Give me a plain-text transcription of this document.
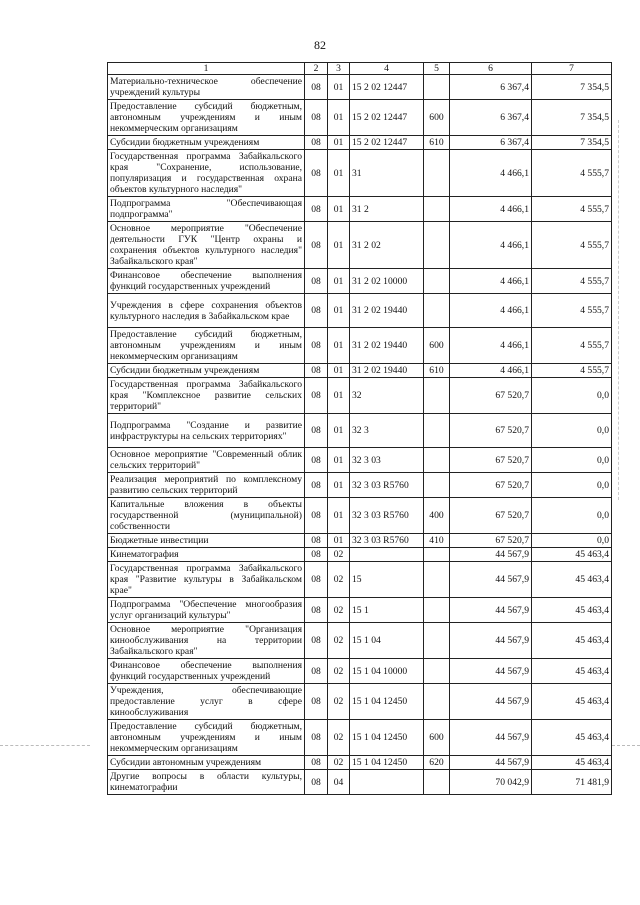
82
1	2	3	4	5	6	7
Материально-техническое обеспечение учреждений культуры	08	01	15 2 02 12447		6 367,4	7 354,5
Предоставление субсидий бюджетным, автономным учреждениям и иным некоммерческим организациям	08	01	15 2 02 12447	600	6 367,4	7 354,5
Субсидии бюджетным учреждениям	08	01	15 2 02 12447	610	6 367,4	7 354,5
Государственная программа Забайкальского края "Сохранение, использование, популяризация и государственная охрана объектов культурного наследия"	08	01	31		4 466,1	4 555,7
Подпрограмма "Обеспечивающая подпрограмма"	08	01	31 2		4 466,1	4 555,7
Основное мероприятие "Обеспечение деятельности ГУК "Центр охраны и сохранения объектов культурного наследия" Забайкальского края"	08	01	31 2 02		4 466,1	4 555,7
Финансовое обеспечение выполнения функций государственных учреждений	08	01	31 2 02 10000		4 466,1	4 555,7
Учреждения в сфере сохранения объектов культурного наследия в Забайкальском крае	08	01	31 2 02 19440		4 466,1	4 555,7
Предоставление субсидий бюджетным, автономным учреждениям и иным некоммерческим организациям	08	01	31 2 02 19440	600	4 466,1	4 555,7
Субсидии бюджетным учреждениям	08	01	31 2 02 19440	610	4 466,1	4 555,7
Государственная программа Забайкальского края "Комплексное развитие сельских территорий"	08	01	32		67 520,7	0,0
Подпрограмма "Создание и развитие инфраструктуры на сельских территориях"	08	01	32 3		67 520,7	0,0
Основное мероприятие "Современный облик сельских территорий"	08	01	32 3 03		67 520,7	0,0
Реализация мероприятий по комплексному развитию сельских территорий	08	01	32 3 03 R5760		67 520,7	0,0
Капитальные вложения в объекты государственной (муниципальной) собственности	08	01	32 3 03 R5760	400	67 520,7	0,0
Бюджетные инвестиции	08	01	32 3 03 R5760	410	67 520,7	0,0
Кинематография	08	02			44 567,9	45 463,4
Государственная программа Забайкальского края "Развитие культуры в Забайкальском крае"	08	02	15		44 567,9	45 463,4
Подпрограмма "Обеспечение многообразия услуг организаций культуры"	08	02	15 1		44 567,9	45 463,4
Основное мероприятие "Организация кинообслуживания на территории Забайкальского края"	08	02	15 1 04		44 567,9	45 463,4
Финансовое обеспечение выполнения функций государственных учреждений	08	02	15 1 04 10000		44 567,9	45 463,4
Учреждения, обеспечивающие предоставление услуг в сфере кинообслуживания	08	02	15 1 04 12450		44 567,9	45 463,4
Предоставление субсидий бюджетным, автономным учреждениям и иным некоммерческим организациям	08	02	15 1 04 12450	600	44 567,9	45 463,4
Субсидии автономным учреждениям	08	02	15 1 04 12450	620	44 567,9	45 463,4
Другие вопросы в области культуры, кинематографии	08	04			70 042,9	71 481,9
